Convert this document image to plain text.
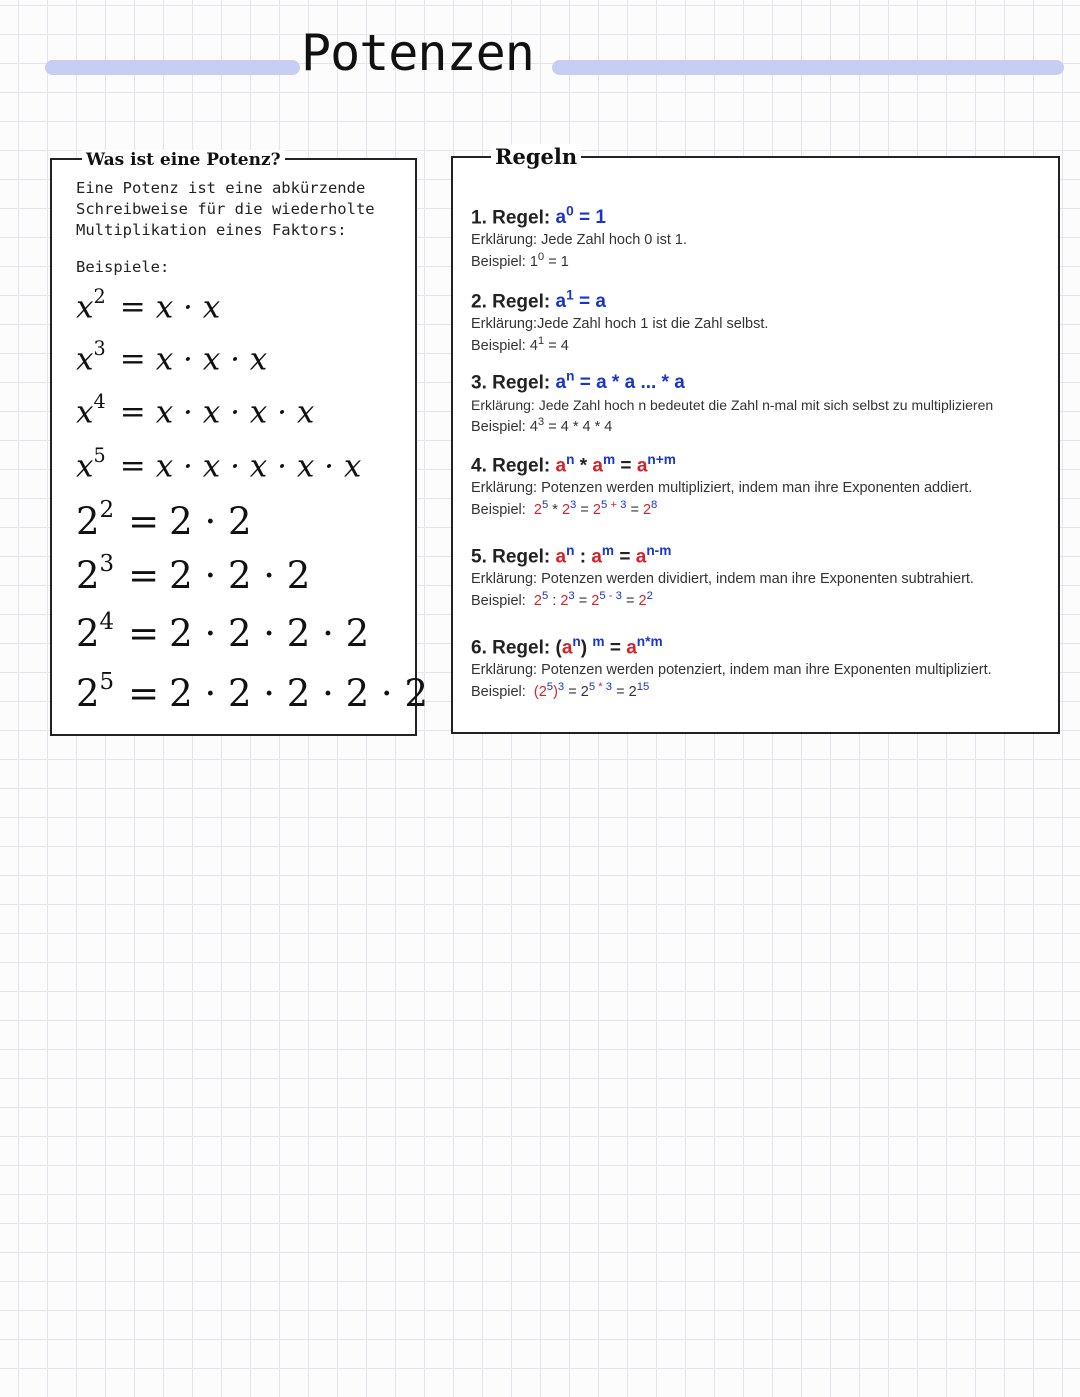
Potenzen
Was ist eine Potenz?
Eine Potenz ist eine abkürzende Schreibweise für die wiederholte Multiplikation eines Faktors:
Beispiele:
$x^2 = x \cdot x$
$x^3 = x \cdot x \cdot x$
$x^4 = x \cdot x \cdot x \cdot x$
$x^5 = x \cdot x \cdot x \cdot x \cdot x$
$2^2 = 2 \cdot 2$
$2^3 = 2 \cdot 2 \cdot 2$
$2^4 = 2 \cdot 2 \cdot 2 \cdot 2$
$2^5 = 2 \cdot 2 \cdot 2 \cdot 2 \cdot 2$
Regeln
1. Regel: $a^0 = 1$
Erklärung: Jede Zahl hoch 0 ist 1.
Beispiel: $1^0 = 1$
2. Regel: $a^1 = a$
Erklärung:Jede Zahl hoch 1 ist die Zahl selbst.
Beispiel: $4^1 = 4$
3. Regel: $a^n = a * a$ ... * a
Erklärung: Jede Zahl hoch n bedeutet die Zahl n-mal mit sich selbst zu multiplizieren
Beispiel: $4^3 = 4 * 4 * 4$
4. Regel: $a^n * a^m = a^{n+m}$
Erklärung: Potenzen werden multipliziert, indem man ihre Exponenten addiert.
Beispiel: $2^5 * 2^3 = 2^{5 + 3} = 2^8$
5. Regel: $a^n$ : $a^m = a^{n-m}$
Erklärung: Potenzen werden dividiert, indem man ihre Exponenten subtrahiert.
Beispiel: $2^5$ : $2^3 = 2^{5 - 3} = 2^2$
6. Regel: $(a^n) ^m = a^{n*m}$
Erklärung: Potenzen werden potenziert, indem man ihre Exponenten multipliziert.
Beispiel: $(2^5)^3 = 2^{5 * 3} = 2^{15}$
